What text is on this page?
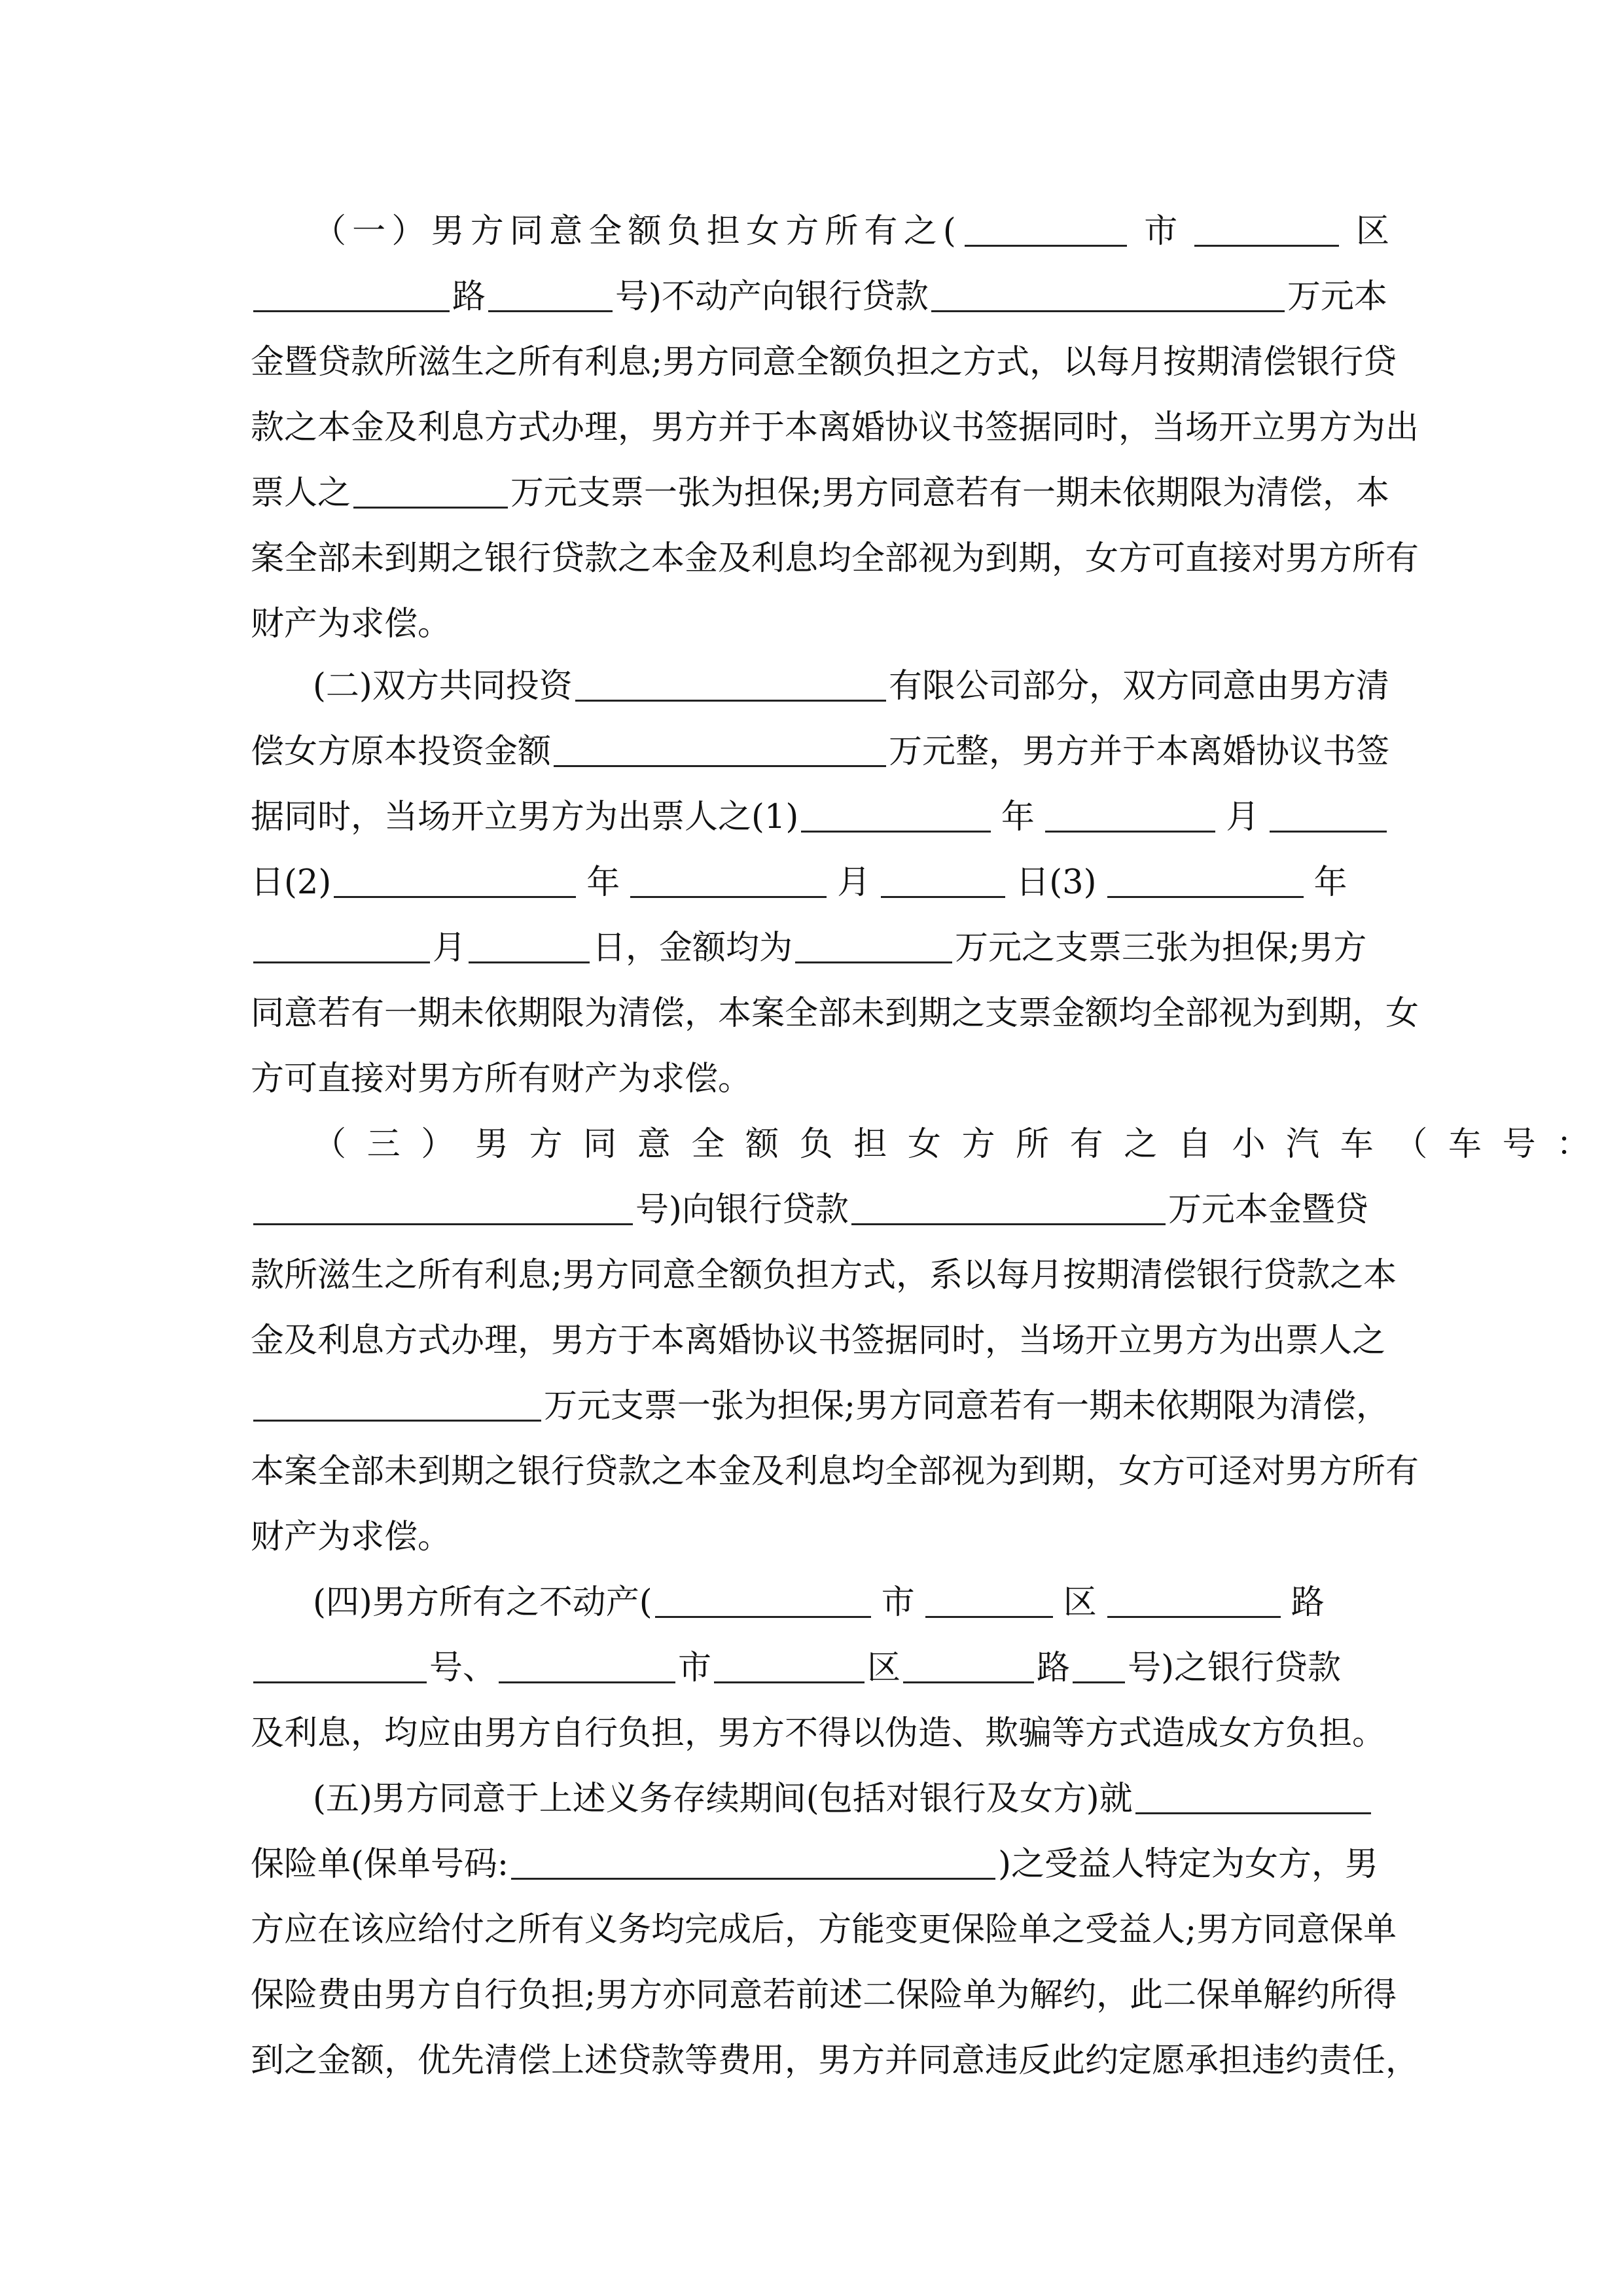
（一）男方同意全额负担女方所有之(	市	区
路	号)不动产向银行贷款	万元本
金暨贷款所滋生之所有利息;男方同意全额负担之方式，以每月按期清偿银行贷
款之本金及利息方式办理，男方并于本离婚协议书签据同时，当场开立男方为出
票人之	万元支票一张为担保;男方同意若有一期未依期限为清偿，本
案全部未到期之银行贷款之本金及利息均全部视为到期，女方可直接对男方所有
财产为求偿。
(二)双方共同投资	有限公司部分，双方同意由男方清
偿女方原本投资金额	万元整，男方并于本离婚协议书签
据同时，当场开立男方为出票人之(1)	年	月
日(2)	年	月	日(3)	年
月	日，金额均为	万元之支票三张为担保;男方
同意若有一期未依期限为清偿，本案全部未到期之支票金额均全部视为到期，女
方可直接对男方所有财产为求偿。
（三）男方同意全额负担女方所有之自小汽车（车号：
号)向银行贷款	万元本金暨贷
款所滋生之所有利息;男方同意全额负担方式，系以每月按期清偿银行贷款之本
金及利息方式办理，男方于本离婚协议书签据同时，当场开立男方为出票人之
万元支票一张为担保;男方同意若有一期未依期限为清偿，
本案全部未到期之银行贷款之本金及利息均全部视为到期，女方可迳对男方所有
财产为求偿。
(四)男方所有之不动产(	市	区	路
号、	市	区	路 号)之银行贷款
及利息，均应由男方自行负担，男方不得以伪造、欺骗等方式造成女方负担。
(五)男方同意于上述义务存续期间(包括对银行及女方)就
保险单(保单号码:	)之受益人特定为女方，男
方应在该应给付之所有义务均完成后，方能变更保险单之受益人;男方同意保单
保险费由男方自行负担;男方亦同意若前述二保险单为解约，此二保单解约所得
到之金额，优先清偿上述贷款等费用，男方并同意违反此约定愿承担违约责任，
